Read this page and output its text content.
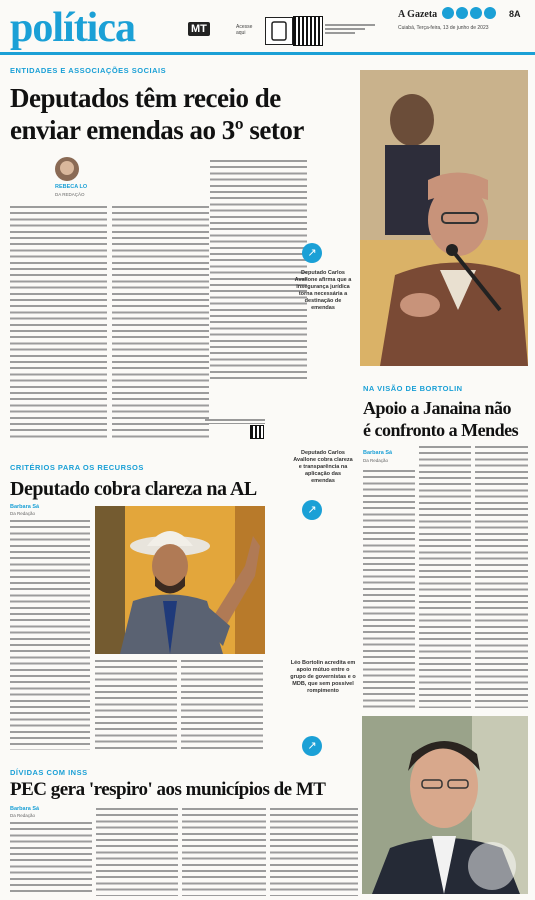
política	MT	Acesse aqui
A Gazeta	8A
Cuiabá, Terça-feira, 13 de junho de 2023
ENTIDADES E ASSOCIAÇÕES SOCIAIS
Deputados têm receio de
enviar emendas ao 3º setor
REBECA LO
DA REDAÇÃO
↗
Deputado Carlos Avallone afirma que a insegurança jurídica torna necessária a destinação de emendas
NA VISÃO DE BORTOLIN
Apoio a Janaina não
é confronto a Mendes
Barbara Sá
Da Redação
CRITÉRIOS PARA OS RECURSOS
Deputado cobra clareza na AL
Barbara Sá
Da Redação
Deputado Carlos Avallone cobra clareza e transparência na aplicação das emendas
↗
Léo Bortolin acredita em apoio mútuo entre o grupo de governistas e o MDB, que sem possível rompimento
↗
DÍVIDAS COM INSS
PEC gera 'respiro' aos municípios de MT
Barbara Sá
Da Redação
